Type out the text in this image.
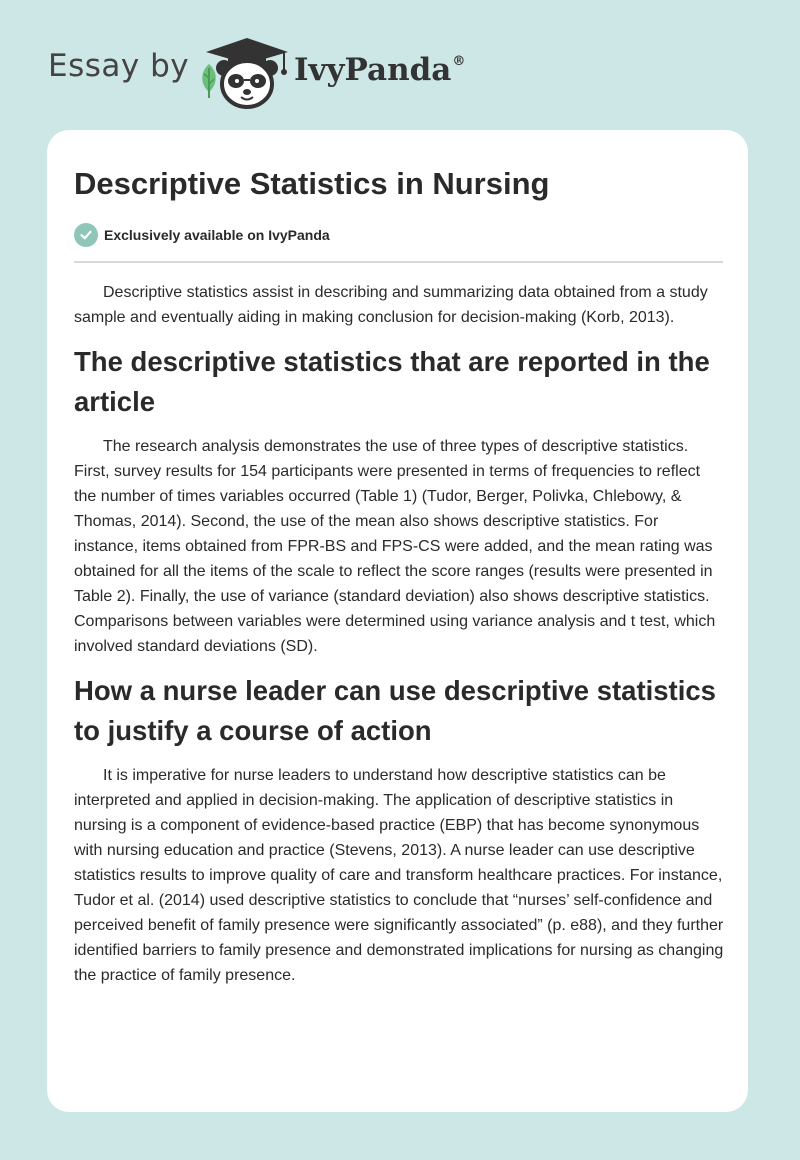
Essay by	IvyPanda®
Descriptive Statistics in Nursing
Exclusively available on IvyPanda

Descriptive statistics assist in describing and summarizing data obtained from a study sample and eventually aiding in making conclusion for decision-making (Korb, 2013).

The descriptive statistics that are reported in the article

The research analysis demonstrates the use of three types of descriptive statistics. First, survey results for 154 participants were presented in terms of frequencies to reflect the number of times variables occurred (Table 1) (Tudor, Berger, Polivka, Chlebowy, & Thomas, 2014). Second, the use of the mean also shows descriptive statistics. For instance, items obtained from FPR-BS and FPS-CS were added, and the mean rating was obtained for all the items of the scale to reflect the score ranges (results were presented in Table 2). Finally, the use of variance (standard deviation) also shows descriptive statistics. Comparisons between variables were determined using variance analysis and t test, which involved standard deviations (SD).

How a nurse leader can use descriptive statistics to justify a course of action

It is imperative for nurse leaders to understand how descriptive statistics can be interpreted and applied in decision-making. The application of descriptive statistics in nursing is a component of evidence-based practice (EBP) that has become synonymous with nursing education and practice (Stevens, 2013). A nurse leader can use descriptive statistics results to improve quality of care and transform healthcare practices. For instance, Tudor et al. (2014) used descriptive statistics to conclude that “nurses’ self-confidence and perceived benefit of family presence were significantly associated” (p. e88), and they further identified barriers to family presence and demonstrated implications for nursing as changing the practice of family presence.
